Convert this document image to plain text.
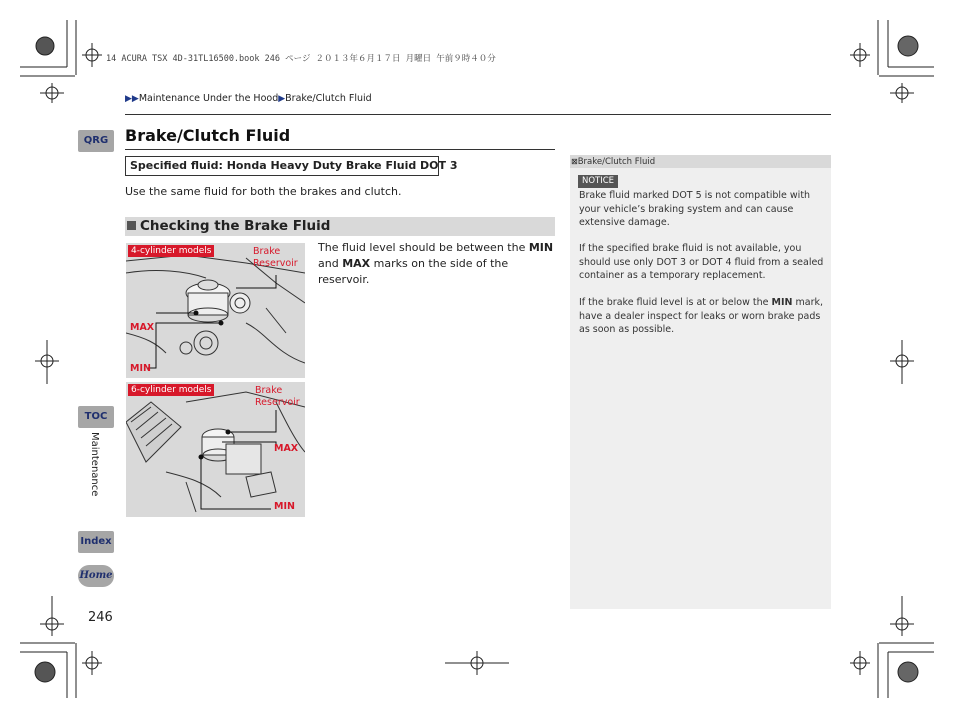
14 ACURA TSX 4D-31TL16500.book 246 ページ ２０１３年６月１７日 月曜日 午前９時４０分
▶▶Maintenance Under the Hood▶Brake/Clutch Fluid
Brake/Clutch Fluid
Specified fluid: Honda Heavy Duty Brake Fluid DOT 3
Use the same fluid for both the brakes and clutch.
Checking the Brake Fluid
The fluid level should be between the MIN and MAX marks on the side of the reservoir.
4-cylinder models	Brake
Reservoir
MAX
MIN
6-cylinder models	Brake
Reservoir
MAX
MIN
⊠Brake/Clutch Fluid
NOTICE
Brake fluid marked DOT 5 is not compatible with your vehicle’s braking system and can cause extensive damage.
If the specified brake fluid is not available, you should use only DOT 3 or DOT 4 fluid from a sealed container as a temporary replacement.
If the brake fluid level is at or below the MIN mark, have a dealer inspect for leaks or worn brake pads as soon as possible.
QRG
TOC
Maintenance
Index
Home
246
